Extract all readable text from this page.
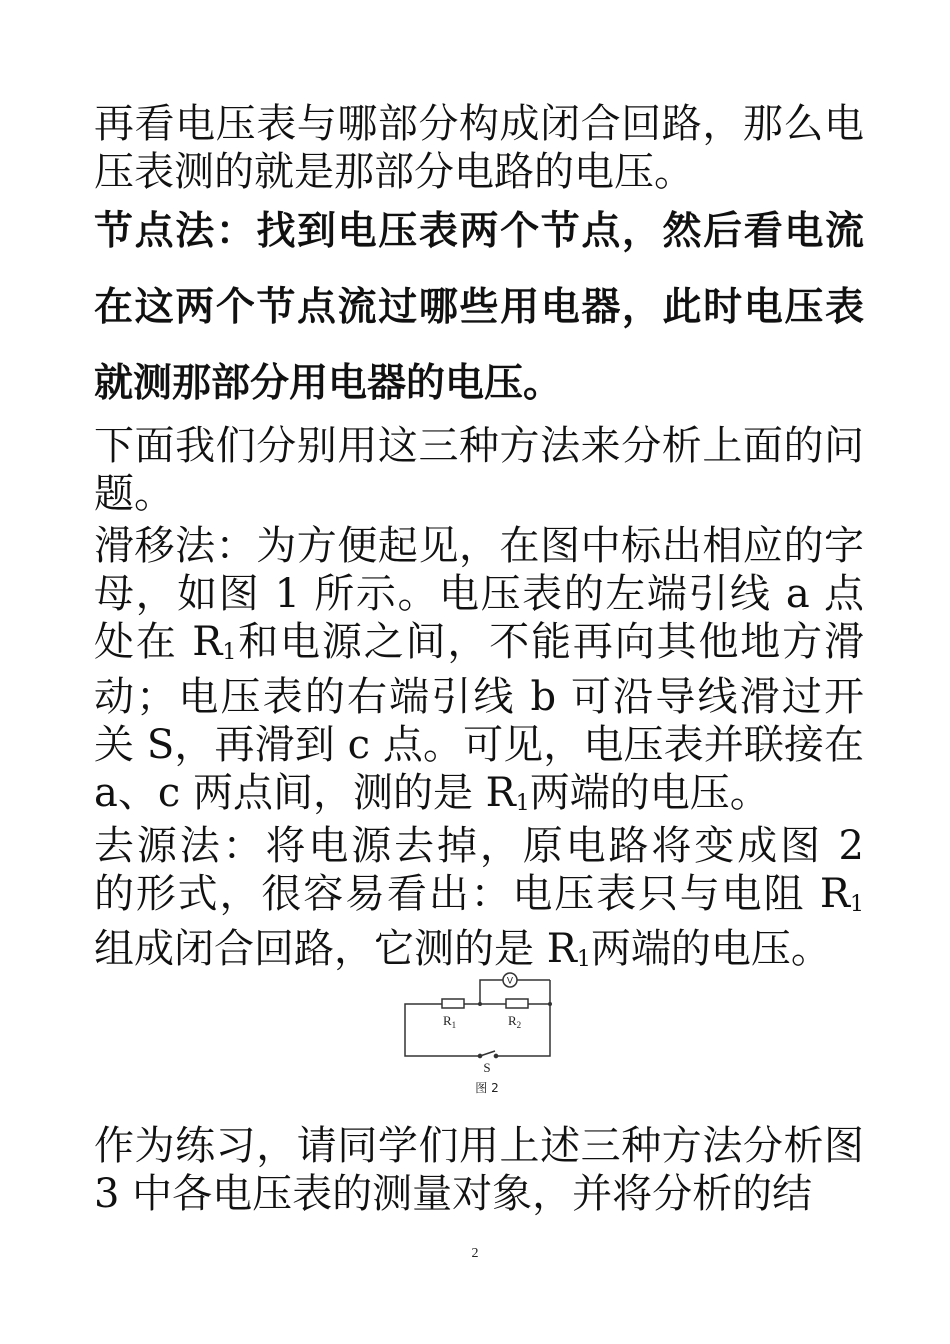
再看电压表与哪部分构成闭合回路，那么电压表测的就是那部分电路的电压。

节点法：找到电压表两个节点，然后看电流在这两个节点流过哪些用电器，此时电压表就测那部分用电器的电压。

下面我们分别用这三种方法来分析上面的问题。

滑移法：为方便起见，在图中标出相应的字母，如图 1 所示。电压表的左端引线 a 点处在 $R_1$和电源之间，不能再向其他地方滑动；电压表的右端引线 b 可沿导线滑过开关 S，再滑到 c 点。可见，电压表并联接在 a、c 两点间，测的是 $R_1$两端的电压。

去源法：将电源去掉，原电路将变成图 2 的形式，很容易看出：电压表只与电阻 $R_1$组成闭合回路，它测的是 $R_1$两端的电压。

V
$R_1$	$R_2$
S
图 2

作为练习，请同学们用上述三种方法分析图 3 中各电压表的测量对象，并将分析的结

2
